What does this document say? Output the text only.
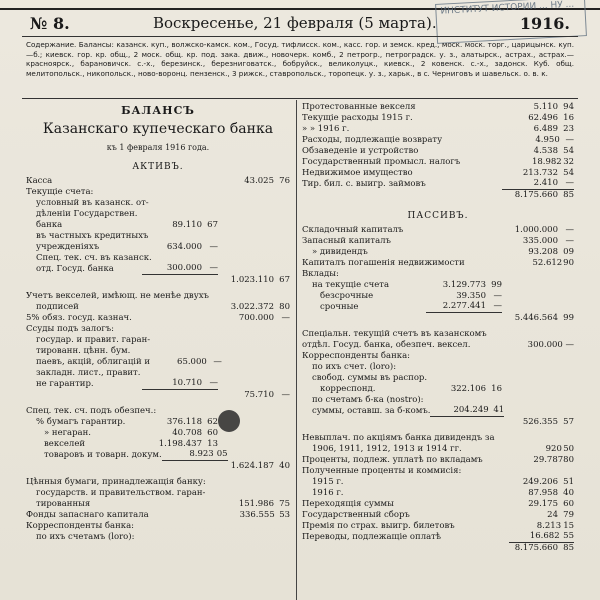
ИНСТИТУТ ИСТОРИИ ... НУ ...
№ 8.	Воскресенье, 21 февраля (5 марта).	1916.
Содержание. Балансы: казанск. куп., волжско-камск. ком., Госуд. тифлисск. ком., касс. гор. и земск. кред., моск. моск. торг., царицынск. куп.—б.; киевск. гор. кр. общ., 2 моск. общ. кр. под. зака. движ., новочерк. комб., 2 петрогр., петроградск. у. з., алатырск., астрах., астрах.—красноярск., барановичск. с.-х., березинск., березниговатск., бобруйск., великолуцк., киевск., 2 ковенск. с.-х., задонск. Куб. общ. мелитопольск., никопольск., ново-воронц. пензенск., 3 рижск., ставропольск., торопецк. у. з., харьк., в с. Черниговъ и шавельск. о. в. к.
БАЛАНСЪ
Казанскаго купеческаго банка
къ 1 февраля 1916 года.
АКТИВЪ.
Касса	43.025 76
Текущіе счета:
условный въ казанск. от-
дѣленіи Государствен.
банка	89.110 67
въ частныхъ кредитныхъ
учрежденіяхъ	634.000 —
Спец. тек. сч. въ казанск.
отд. Госуд. банка	300.000 —
1.023.110 67
Учетъ векселей, имѣющ. не менѣе двухъ
подписей	3.022.372 80
5% обяз. госуд. казнач.	700.000 —
Ссуды подъ залогъ:
государ. и правит. гаран-
тированн. цѣнн. бум.
паевъ, акцій, облигацій и	65.000 —
закладн. лист., правит.
не гарантир.	10.710 —
75.710 —
Спец. тек. сч. подъ обезпеч.:
% бумагъ гарантир.	376.118 62
» негаран.	40.708 60
векселей	1.198.437 13
товаровъ и товарн. докум.	8.923 05
1.624.187 40
Цѣнныя бумаги, принадлежащія банку:
государств. и правительством. гаран-
тированныя	151.986 75
Фонды запаснаго капитала	336.555 53
Корреспонденты банка:
по ихъ счетамъ (loro):
Протестованные векселя	5.110 94
Текущіе расходы 1915 г.	62.496 16
» » 1916 г.	6.489 23
Расходы, подлежащіе возврату	4.950 —
Обзаведеніе и устройство	4.538 54
Государственный промысл. налогъ	18.982 32
Недвижимое имущество	213.732 54
Тир. бил. с. выигр. займовъ	2.410 —
8.175.660 85
ПАССИВЪ.
Складочный капиталъ	1.000.000 —
Запасный капиталъ	335.000 —
» дивидендъ	93.208 09
Капиталъ погашенія недвижимости	52.612 90
Вклады:
на текущіе счета	3.129.773 99
безсрочные	39.350 —
срочные	2.277.441 —
5.446.564 99
Спеціальн. текущій счетъ въ казанскомъ
отдѣл. Госуд. банка, обезпеч. вексел.	300.000 —
Корреспонденты банка:
по ихъ счет. (loro):
свобод. суммы въ распор.
корреспонд.	322.106 16
по счетамъ б-ка (nostro):
суммы, оставш. за б-комъ.	204.249 41
526.355 57
Невыплач. по акціямъ банка дивидендъ за
1906, 1911, 1912, 1913 и 1914 гг.	920 50
Проценты, подлеж. уплатѣ по вкладамъ	29.787 80
Полученные проценты и коммисія:
1915 г.	249.206 51
1916 г.	87.958 40
Переходящія суммы	29.175 60
Государственный сборъ	24 79
Премія по страх. выигр. билетовъ	8.213 15
Переводы, подлежащіе оплатѣ	16.682 55
8.175.660 85
